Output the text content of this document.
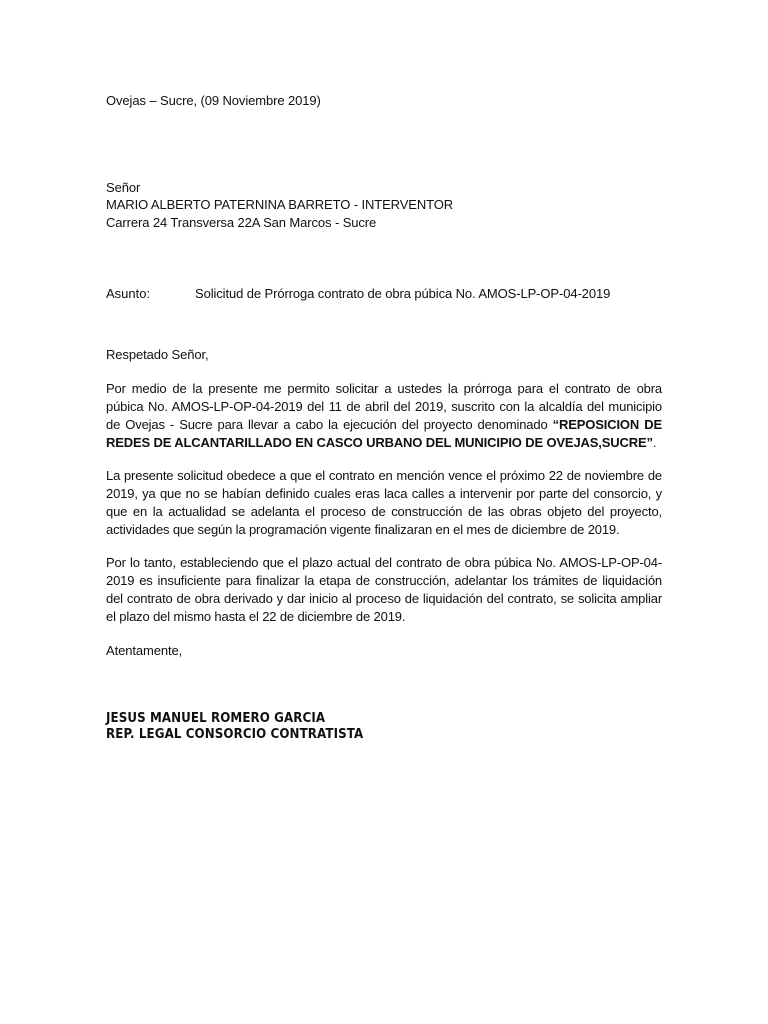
Ovejas – Sucre, (09 Noviembre 2019)
Señor
MARIO ALBERTO PATERNINA BARRETO - INTERVENTOR
Carrera 24 Transversa 22A San Marcos - Sucre
Asunto:	Solicitud de Prórroga contrato de obra púbica No. AMOS-LP-OP-04-2019
Respetado Señor,
Por medio de la presente me permito solicitar a ustedes la prórroga para el contrato de obra púbica No. AMOS-LP-OP-04-2019 del 11 de abril del 2019, suscrito con la alcaldía del municipio de Ovejas - Sucre para llevar a cabo la ejecución del proyecto denominado “REPOSICION DE REDES DE ALCANTARILLADO EN CASCO URBANO DEL MUNICIPIO DE OVEJAS,SUCRE”.
La presente solicitud obedece a que el contrato en mención vence el próximo 22 de noviembre de 2019, ya que no se habían definido cuales eras laca calles a intervenir por parte del consorcio, y que en la actualidad se adelanta el proceso de construcción de las obras objeto del proyecto, actividades que según la programación vigente finalizaran en el mes de diciembre de 2019.
Por lo tanto, estableciendo que el plazo actual del contrato de obra púbica No. AMOS-LP-OP-04-2019 es insuficiente para finalizar la etapa de construcción, adelantar los trámites de liquidación del contrato de obra derivado y dar inicio al proceso de liquidación del contrato, se solicita ampliar el plazo del mismo hasta el 22 de diciembre de 2019.
Atentamente,
JESUS MANUEL ROMERO GARCIA
REP. LEGAL CONSORCIO CONTRATISTA
